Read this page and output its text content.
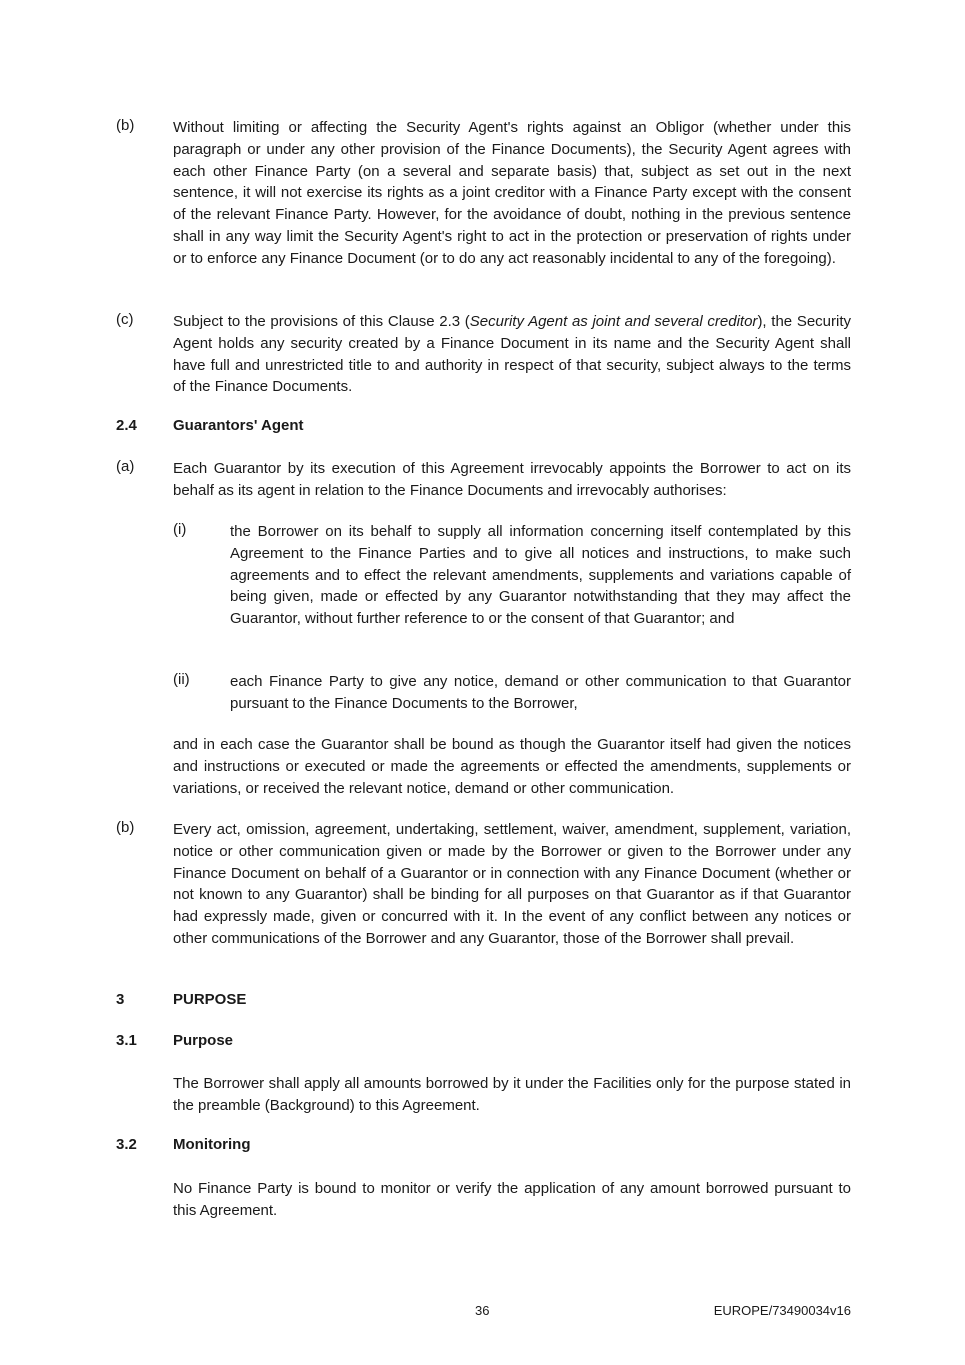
(b)	Without limiting or affecting the Security Agent's rights against an Obligor (whether under this paragraph or under any other provision of the Finance Documents), the Security Agent agrees with each other Finance Party (on a several and separate basis) that, subject as set out in the next sentence, it will not exercise its rights as a joint creditor with a Finance Party except with the consent of the relevant Finance Party. However, for the avoidance of doubt, nothing in the previous sentence shall in any way limit the Security Agent's right to act in the protection or preservation of rights under or to enforce any Finance Document (or to do any act reasonably incidental to any of the foregoing).

(c)	Subject to the provisions of this Clause 2.3 (Security Agent as joint and several creditor), the Security Agent holds any security created by a Finance Document in its name and the Security Agent shall have full and unrestricted title to and authority in respect of that security, subject always to the terms of the Finance Documents.

2.4 Guarantors' Agent
(a)	Each Guarantor by its execution of this Agreement irrevocably appoints the Borrower to act on its behalf as its agent in relation to the Finance Documents and irrevocably authorises:

(i)	the Borrower on its behalf to supply all information concerning itself contemplated by this Agreement to the Finance Parties and to give all notices and instructions, to make such agreements and to effect the relevant amendments, supplements and variations capable of being given, made or effected by any Guarantor notwithstanding that they may affect the Guarantor, without further reference to or the consent of that Guarantor; and

(ii)	each Finance Party to give any notice, demand or other communication to that Guarantor pursuant to the Finance Documents to the Borrower,

and in each case the Guarantor shall be bound as though the Guarantor itself had given the notices and instructions or executed or made the agreements or effected the amendments, supplements or variations, or received the relevant notice, demand or other communication.

(b)	Every act, omission, agreement, undertaking, settlement, waiver, amendment, supplement, variation, notice or other communication given or made by the Borrower or given to the Borrower under any Finance Document on behalf of a Guarantor or in connection with any Finance Document (whether or not known to any Guarantor) shall be binding for all purposes on that Guarantor as if that Guarantor had expressly made, given or concurred with it. In the event of any conflict between any notices or other communications of the Borrower and any Guarantor, those of the Borrower shall prevail.

3	PURPOSE
3.1 Purpose

The Borrower shall apply all amounts borrowed by it under the Facilities only for the purpose stated in the preamble (Background) to this Agreement.

3.2 Monitoring

No Finance Party is bound to monitor or verify the application of any amount borrowed pursuant to this Agreement.

36	EUROPE/73490034v16
